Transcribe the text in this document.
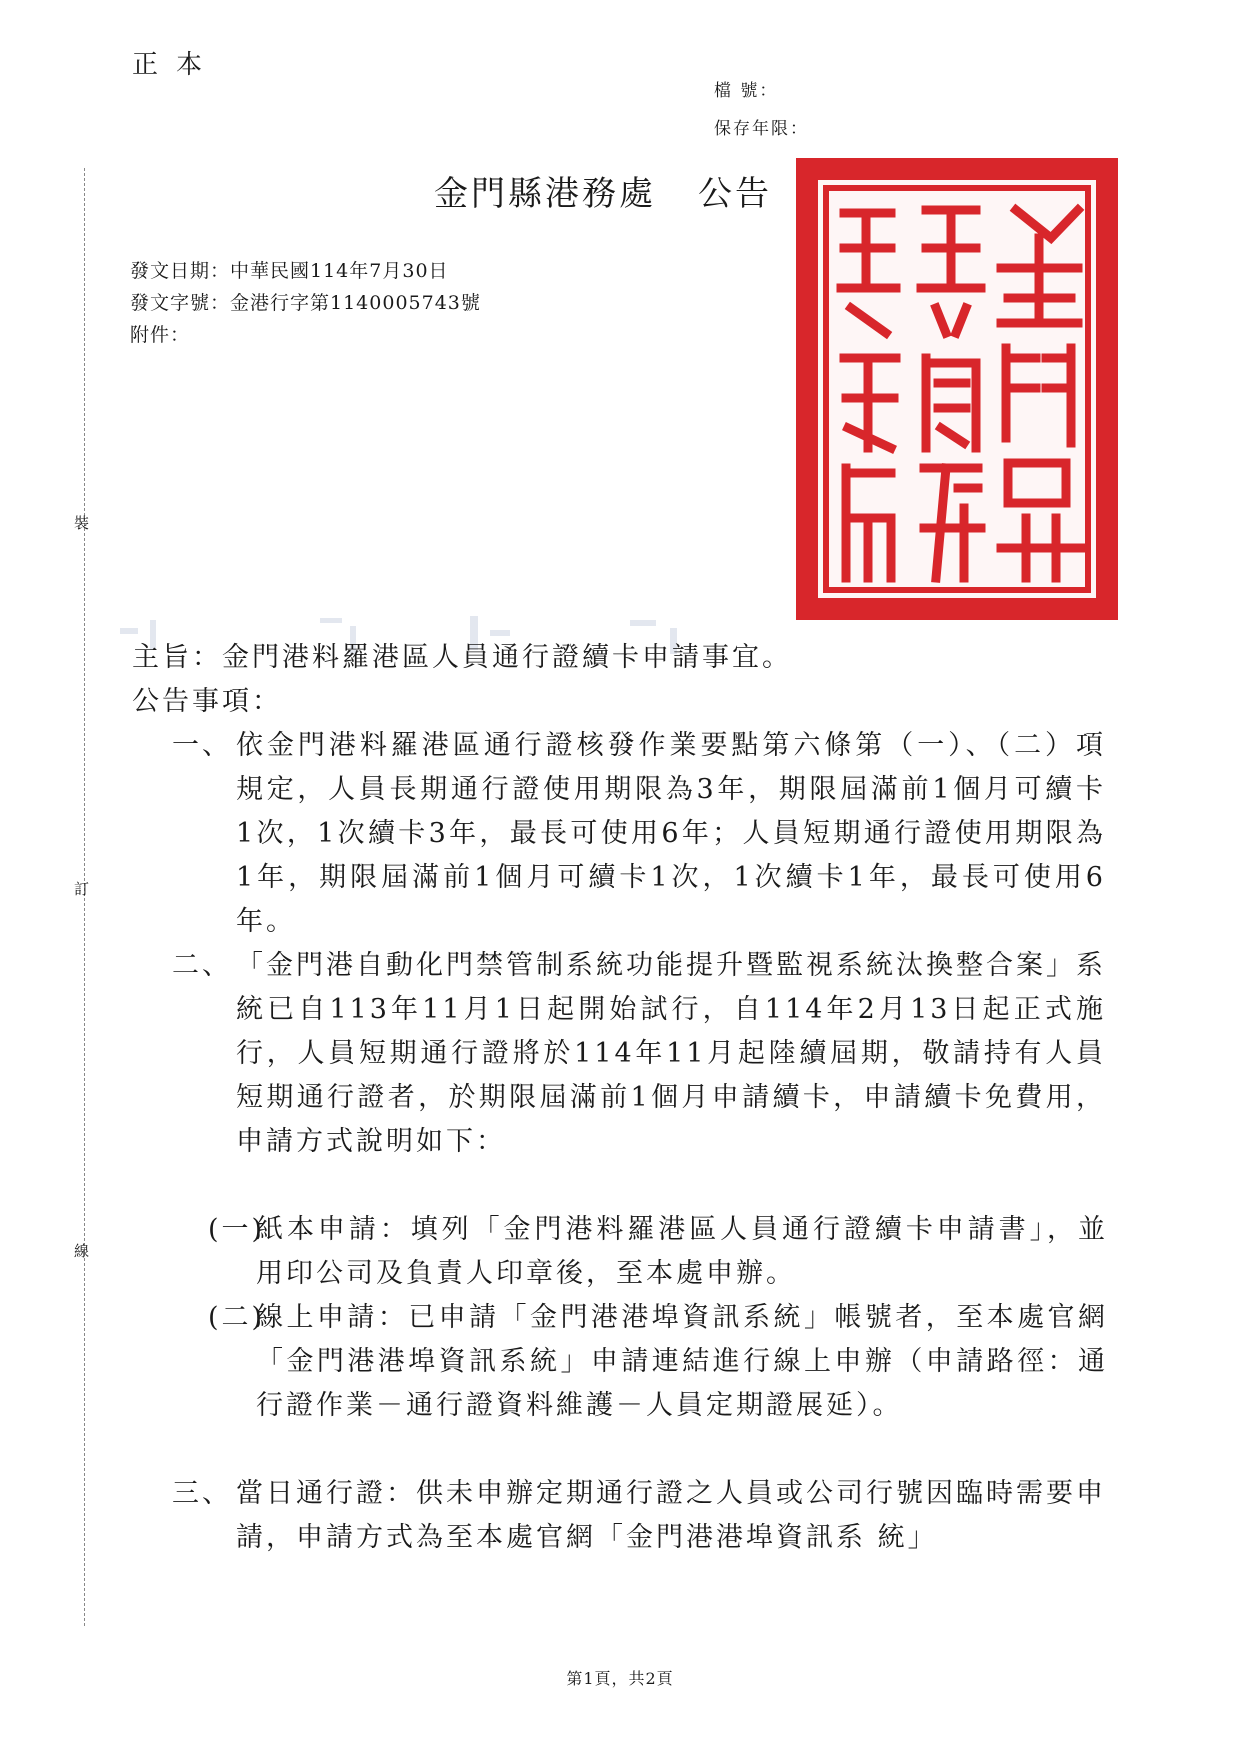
正本
檔 號：
保存年限：
金門縣港務處 公告
發文日期：中華民國114年7月30日
發文字號：金港行字第1140005743號
附件：
裝
訂
線
主旨：金門港料羅港區人員通行證續卡申請事宜。
公告事項：
一、 依金門港料羅港區通行證核發作業要點第六條第（一）、（二）項規定，人員長期通行證使用期限為3年，期限屆滿前1個月可續卡1次，1次續卡3年，最長可使用6年；人員短期通行證使用期限為1年，期限屆滿前1個月可續卡1次，1次續卡1年，最長可使用6年。
二、 「金門港自動化門禁管制系統功能提升暨監視系統汰換整合案」系統已自113年11月1日起開始試行，自114年2月13日起正式施行，人員短期通行證將於114年11月起陸續屆期，敬請持有人員短期通行證者，於期限屆滿前1個月申請續卡，申請續卡免費用，申請方式說明如下：
(一)
紙本申請：填列「金門港料羅港區人員通行證續卡申請書」，並用印公司及負責人印章後，至本處申辦。
(二)
線上申請：已申請「金門港港埠資訊系統」帳號者，至本處官網「金門港港埠資訊系統」申請連結進行線上申辦（申請路徑：通行證作業－通行證資料維護－人員定期證展延）。
三、 當日通行證：供未申辦定期通行證之人員或公司行號因臨時需要申請，申請方式為至本處官網「金門港港埠資訊系 統」
第1頁，共2頁
